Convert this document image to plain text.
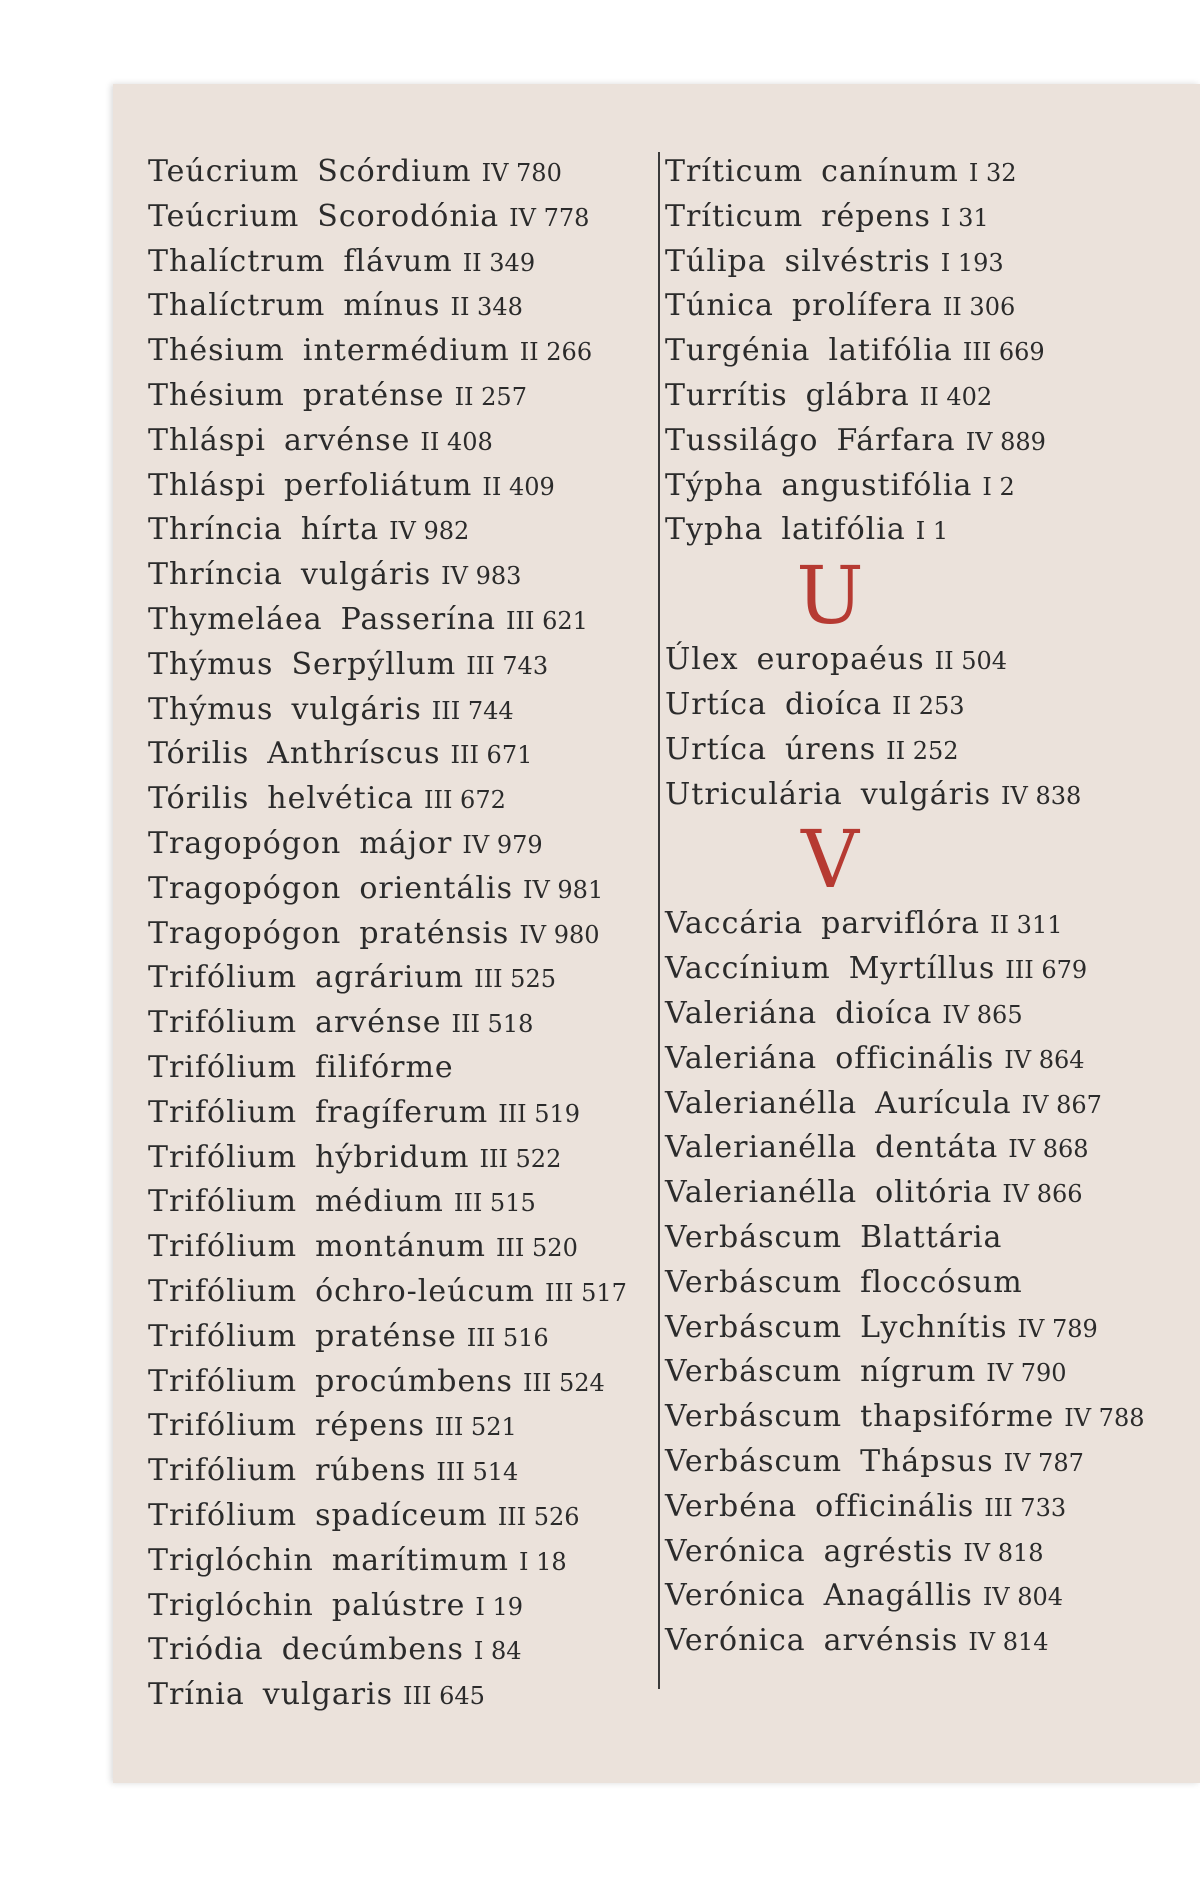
Teúcrium Scórdium IV 780
Teúcrium Scorodónia IV 778
Thalíctrum flávum II 349
Thalíctrum mínus II 348
Thésium intermédium II 266
Thésium praténse II 257
Thláspi arvénse II 408
Thláspi perfoliátum II 409
Thríncia hírta IV 982
Thríncia vulgáris IV 983
Thymeláea Passerína III 621
Thýmus Serpýllum III 743
Thýmus vulgáris III 744
Tórilis Anthríscus III 671
Tórilis helvética III 672
Tragopógon májor IV 979
Tragopógon orientális IV 981
Tragopógon praténsis IV 980
Trifólium agrárium III 525
Trifólium arvénse III 518
Trifólium filifórme
Trifólium fragíferum III 519
Trifólium hýbridum III 522
Trifólium médium III 515
Trifólium montánum III 520
Trifólium óchro-leúcum III 517
Trifólium praténse III 516
Trifólium procúmbens III 524
Trifólium répens III 521
Trifólium rúbens III 514
Trifólium spadíceum III 526
Triglóchin marítimum I 18
Triglóchin palústre I 19
Triódia decúmbens I 84
Trínia vulgaris III 645
Tríticum canínum I 32
Tríticum répens I 31
Túlipa silvéstris I 193
Túnica prolífera II 306
Turgénia latifólia III 669
Turrítis glábra II 402
Tussilágo Fárfara IV 889
Týpha angustifólia I 2
Typha latifólia I 1
U
Úlex europaéus II 504
Urtíca dioíca II 253
Urtíca úrens II 252
Utriculária vulgáris IV 838
V
Vaccária parviflóra II 311
Vaccínium Myrtíllus III 679
Valeriána dioíca IV 865
Valeriána officinális IV 864
Valerianélla Aurícula IV 867
Valerianélla dentáta IV 868
Valerianélla olitória IV 866
Verbáscum Blattária
Verbáscum floccósum
Verbáscum Lychnítis IV 789
Verbáscum nígrum IV 790
Verbáscum thapsifórme IV 788
Verbáscum Thápsus IV 787
Verbéna officinális III 733
Verónica agréstis IV 818
Verónica Anagállis IV 804
Verónica arvénsis IV 814
